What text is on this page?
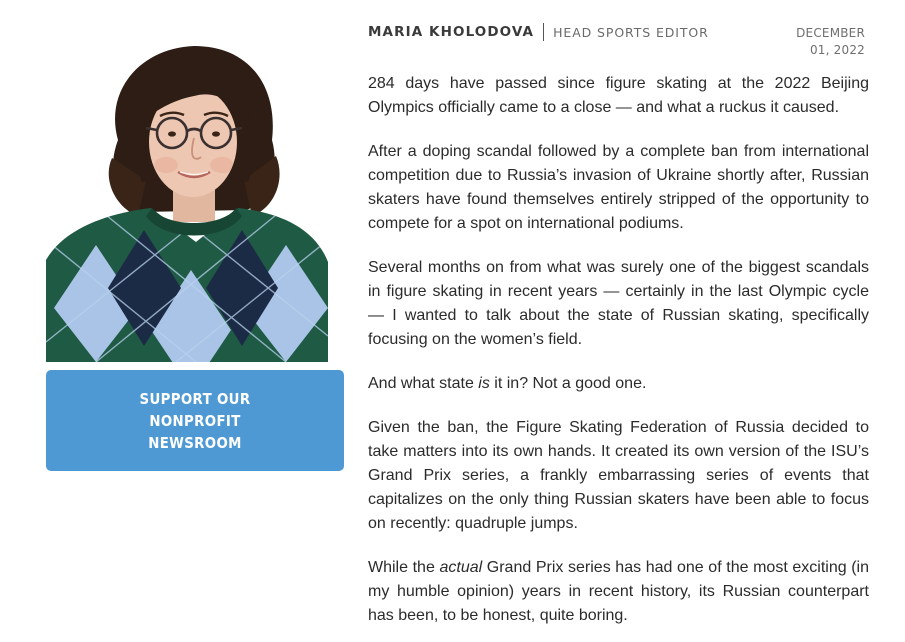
SUPPORT OUR NONPROFIT NEWSROOM
MARIA KHOLODOVA HEAD SPORTS EDITOR	DECEMBER
01, 2022

284 days have passed since figure skating at the 2022 Beijing Olympics officially came to a close — and what a ruckus it caused.

After a doping scandal followed by a complete ban from international competition due to Russia’s invasion of Ukraine shortly after, Russian skaters have found themselves entirely stripped of the opportunity to compete for a spot on international podiums.

Several months on from what was surely one of the biggest scandals in figure skating in recent years — certainly in the last Olympic cycle — I wanted to talk about the state of Russian skating, specifically focusing on the women’s field.

And what state is it in? Not a good one.

Given the ban, the Figure Skating Federation of Russia decided to take matters into its own hands. It created its own version of the ISU’s Grand Prix series, a frankly embarrassing series of events that capitalizes on the only thing Russian skaters have been able to focus on recently: quadruple jumps.

While the actual Grand Prix series has had one of the most exciting (in my humble opinion) years in recent history, its Russian counterpart has been, to be honest, quite boring.
